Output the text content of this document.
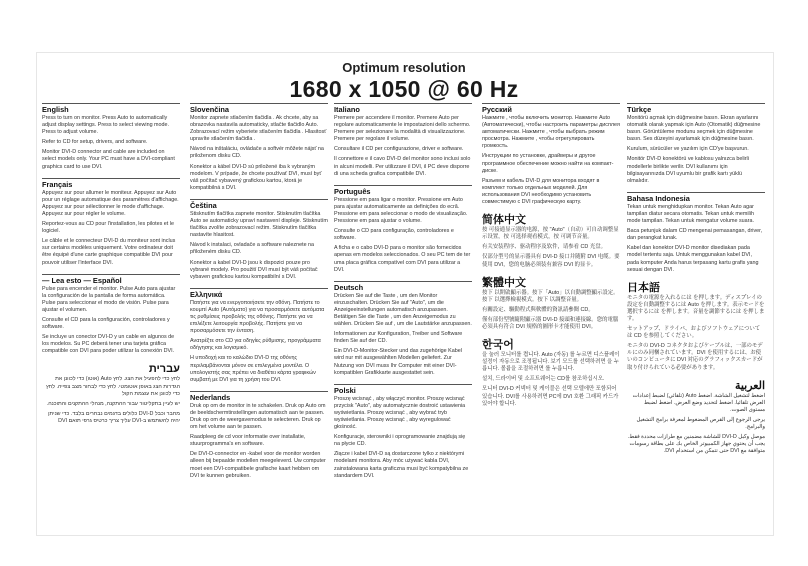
Optimum resolution
1680 x 1050 @ 60 Hz
English

Press to turn on monitor. Press Auto to automatically adjust display settings. Press to select viewing mode. Press to adjust volume.

Refer to CD for setup, drivers, and software.

Monitor DVI-D connector and cable are included on select models only. Your PC must have a DVI-compliant graphics card to use DVI.

Français

Appuyez sur pour allumer le moniteur. Appuyez sur Auto pour un réglage automatique des paramètres d'affichage. Appuyez sur pour sélectionner le mode d'affichage. Appuyez sur pour régler le volume.

Reportez-vous au CD pour l'installation, les pilotes et le logiciel.

Le câble et le connecteur DVI-D du moniteur sont inclus sur certains modèles uniquement. Votre ordinateur doit être équipé d'une carte graphique compatible DVI pour pouvoir utiliser l'interface DVI.

— Lea esto — Español

Pulse para encender el monitor. Pulse Auto para ajustar la configuración de la pantalla de forma automática. Pulse para seleccionar el modo de visión. Pulse para ajustar el volumen.

Consulte el CD para la configuración, controladores y software.

Se incluye un conector DVI-D y un cable en algunos de los modelos. Su PC deberá tener una tarjeta gráfica compatible con DVI para poder utilizar la conexión DVI.

עברית

לחץ כדי להפעיל את הצג. לחץ Auto (אוטו) כדי לכוונן את הגדרות הצג באופן אוטומטי. לחץ כדי לבחור מצב צפייה. לחץ כדי לכוונן את עוצמת הקול

יש לעיין בתקליטור עבור ההתקנה, מנהלי ההתקנים והתוכנה.

מחבר וכבל DVI-D כלולים בדגמים נבחרים בלבד. כדי שניתן יהיה להשתמש ב-DVI עליך צריך כרטיס גרפי תואם DVI

Slovenčina

Monitor zapnete stlačením tlačidla . Ak chcete, aby sa obrazovka nastavila automaticky, stlačte tlačidlo Auto. Zobrazovací režim vyberiete stlačením tlačidla . Hlasitosť upravíte stlačením tlačidla .

Návod na inštaláciu, ovládače a softvér môžete nájsť na priloženom disku CD.

Konektor a kábel DVI-D sú priložené iba k vybraným modelom. V prípade, že chcete používať DVI, musí byť váš počítač vybavený grafickou kartou, ktorá je kompatibilná s DVI.

Čeština

Stisknutím tlačítka zapnete monitor. Stisknutím tlačítka Auto se automaticky upraví nastavení displeje. Stisknutím tlačítka zvolíte zobrazovací režim. Stisknutím tlačítka nastavíte hlasitost.

Návod k instalaci, ovladače a software naleznete na přiloženém disku CD.

Konektor a kabel DVI-D jsou k dispozici pouze pro vybrané modely. Pro použití DVI musí být váš počítač vybaven grafickou kartou kompatibilní s DVI.

Ελληνικά

Πατήστε για να ενεργοποιήσετε την οθόνη. Πατήστε το κουμπί Auto (Αυτόματο) για να προσαρμόσετε αυτόματα τις ρυθμίσεις προβολής της οθόνης. Πατήστε για να επιλέξετε λειτουργία προβολής. Πατήστε για να προσαρμόσετε την ένταση.

Ανατρέξτε στο CD για οδηγίες ρύθμισης, προγράμματα οδήγησης και λογισμικό.

Η υποδοχή και το καλώδιο DVI-D της οθόνης περιλαμβάνονται μόνον σε επιλεγμένα μοντέλα. Ο υπολογιστής σας πρέπει να διαθέτει κάρτα γραφικών συμβατή με DVI για τη χρήση του DVI.

Nederlands

Druk op om de monitor in te schakelen. Druk op Auto om de beeldschermtinstellingen automatisch aan te passen. Druk op om de weergavemodus te selecteren. Druk op om het volume aan te passen.

Raadpleeg de cd voor informatie over installatie, stuurprogramma's en software.

De DVI-D-connector en -kabel voor de monitor worden alleen bij bepaalde modellen meegeleverd. Uw computer moet een DVI-compatibele grafische kaart hebben om DVI te kunnen gebruiken.

Italiano

Premere per accendere il monitor. Premere Auto per regolare automaticamente le impostazioni dello schermo. Premere per selezionare la modalità di visualizzazione. Premere per regolare il volume.

Consultare il CD per configurazione, driver e software.

Il connettore e il cavo DVI-D del monitor sono inclusi solo in alcuni modelli. Per utilizzare il DVI, il PC deve disporre di una scheda grafica compatibile DVI.

Português

Pressione em para ligar o monitor. Pressione em Auto para ajustar automaticamente as definições do ecrã. Pressione em para seleccionar o modo de visualização. Pressione em para ajustar o volume.

Consulte o CD para configuração, controladores e software.

A ficha e o cabo DVI-D para o monitor são fornecidos apenas em modelos seleccionados. O seu PC tem de ter uma placa gráfica compatível com DVI para utilizar a DVI.

Deutsch

Drücken Sie auf die Taste , um den Monitor einzuschalten. Drücken Sie auf "Auto", um die Anzeigeeinstellungen automatisch anzupassen. Betätigen Sie die Taste , um den Anzeigemodus zu wählen. Drücken Sie auf , um die Lautstärke anzupassen.

Informationen zur Konfiguration, Treiber und Software finden Sie auf der CD.

Ein DVI-D-Monitor-Stecker und das zugehörige Kabel wird nur mit ausgewählten Modellen geliefert. Zur Nutzung von DVI muss Ihr Computer mit einer DVI-kompatiblen Grafikkarte ausgestattet sein.

Polski

Proszę wcisnąć , aby włączyć monitor. Proszę wcisnąć przycisk "Auto", aby automatycznie dostroić ustawienia wyświetlania. Proszę wcisnąć , aby wybrać tryb wyświetlania. Proszę wcisnąć , aby wyregulować głośność.

Konfiguracje, sterowniki i oprogramowanie znajdują się na płycie CD.

Złącze i kabel DVI-D są dostarczone tylko z niektórymi modelami monitora. Aby móc używać kabla DVI, zainstalowana karta graficzna musi być kompatybilna ze standardem DVI.

Русский

Нажмите , чтобы включить монитор. Нажмите Auto (Автоматически), чтобы настроить параметры дисплея автоматически. Нажмите , чтобы выбрать режим просмотра. Нажмите , чтобы отрегулировать громкость.

Инструкции по установке, драйверы и другое программное обеспечение можно найти на компакт-диске.

Разъем и кабель DVI-D для монитора входят в комплект только отдельных моделей. Для использования DVI необходимо установить совместимую с DVI графическую карту.

简体中文

按 可接通显示器的电源，按 "Auto"（自动）可自动调整显示设置，按 可选择观看模式，按 可调节音量。

有关安装程序、驱动程序及软件，请参看 CD 光盘。

仅部分型号的显示器具有 DVI-D 接口并随附 DVI 电缆。要使用 DVI，您的电脑必须装有兼容 DVI 的显卡。

繁體中文

按下 以開啟顯示器。按下「Auto」以自動調整顯示設定。按下 以選擇檢視模式。按下 以調整音量。

有關設定、驅動程式與軟體的資訊請參閱 CD。

僅有部份型號隨附顯示器 DVI-D 接頭和連接線。您的電腦必須具有符合 DVI 規格的圖形卡才能使用 DVI。

한국어

을 눌러 모니터를 켭니다. Auto (자동) 를 누르면 디스플레이 설정이 자동으로 조정됩니다. 보기 모드를 선택하려면 을 누릅니다. 볼륨을 조절하려면 를 누릅니다.

설치, 드라이버 및 소프트웨어는 CD를 참조하십시오.

모니터 DVI-D 커넥터 및 케이블은 선택 모델에만 포함되어 있습니다. DVI를 사용하려면 PC에 DVI 호환 그래픽 카드가 있어야 합니다.

Türkçe

Monitörü açmak için düğmesine basın. Ekran ayarlarını otomatik olarak yapmak için Auto (Otomatik) düğmesine basın. Görüntüleme modunu seçmek için düğmesine basın. Ses düzeyini ayarlamak için düğmesine basın.

Kurulum, sürücüler ve yazılım için CD'ye başvurun.

Monitör DVI-D konektörü ve kablosu yalnızca belirli modellerle birlikte verilir. DVI kullanımı için bilgisayarınızda DVI uyumlu bir grafik kartı yüklü olmalıdır.

Bahasa Indonesia

Tekan untuk menghidupkan monitor. Tekan Auto agar tampilan diatur secara otomatis. Tekan untuk memilih mode tampilan. Tekan untuk mengatur volume suara.

Baca petunjuk dalam CD mengenai pemasangan, driver, dan perangkat lunak.

Kabel dan konektor DVI-D monitor disediakan pada model tertentu saja. Untuk menggunakan kabel DVI, pada komputer Anda harus terpasang kartu grafis yang sesuai dengan DVI.

日本語

モニタの電源を入れるには を押します。ディスプレイの設定を自動調整するには Auto を押します。表示モードを選択するには を押します。音量を調節するには を押します。

セットアップ、ドライバ、およびソフトウェアについては CD を参照してください。

モニタの DVI-D コネクタおよびケーブルは、一部のモデルにのみ同梱されています。DVI を使用するには、お使いのコンピュータに DVI 対応のグラフィックスカードが取り付けられている必要があります。

العربية

اضغط لتشغيل الشاشة. اضغط Auto (تلقائي) لضبط إعدادات العرض تلقائيا. اضغط لتحديد وضع العرض. اضغط لضبط مستوى الصوت.

يرجى الرجوع إلى القرص المضغوط لمعرفة برامج التشغيل والبرامج.

موصل وكبل DVI-D للشاشة مضمنين مع طرازات محددة فقط. يجب أن يحتوي جهاز الكمبيوتر الخاص بك على بطاقة رسومات متوافقة مع DVI حتى تتمكن من استخدام DVI.
